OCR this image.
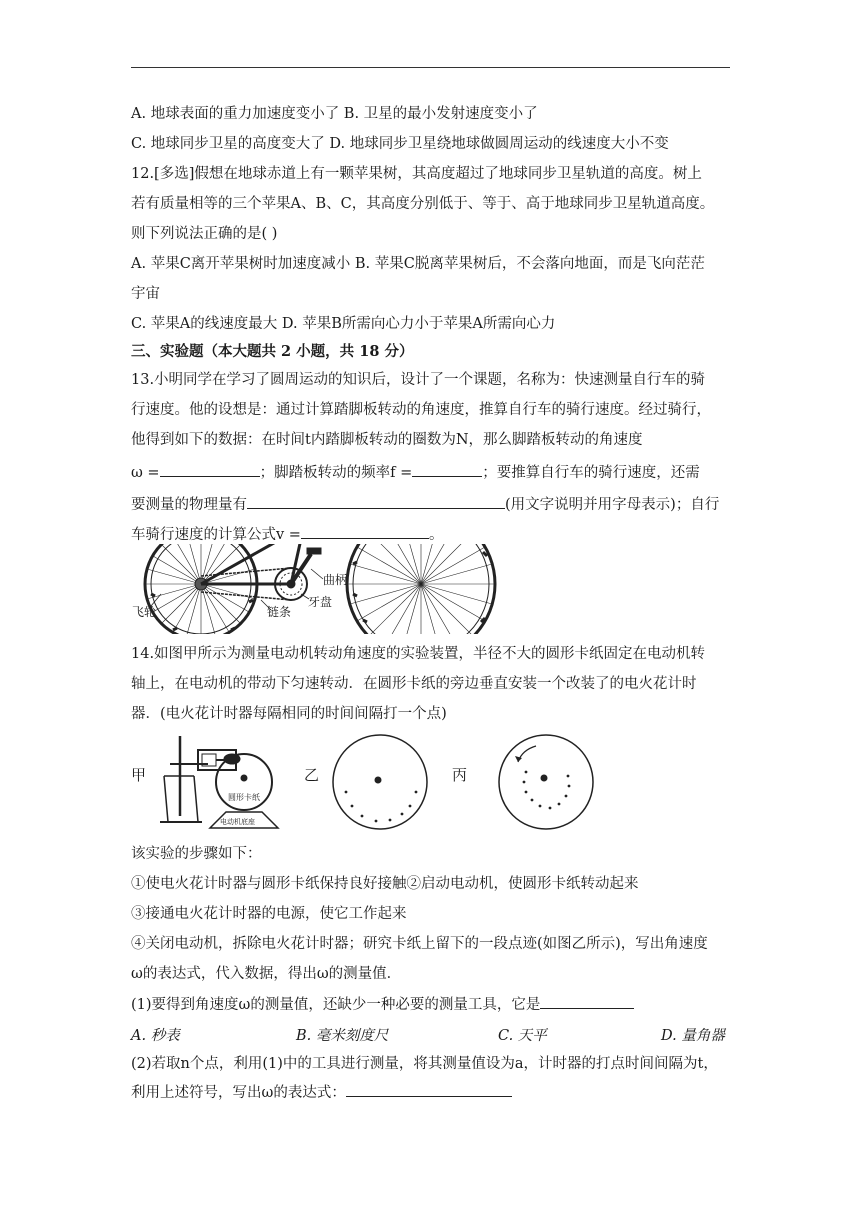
A. 地球表面的重力加速度变小了 B. 卫星的最小发射速度变小了
C. 地球同步卫星的高度变大了 D. 地球同步卫星绕地球做圆周运动的线速度大小不变
12.[多选]假想在地球赤道上有一颗苹果树，其高度超过了地球同步卫星轨道的高度。树上
若有质量相等的三个苹果A、B、C，其高度分别低于、等于、高于地球同步卫星轨道高度。
则下列说法正确的是( )
A. 苹果C离开苹果树时加速度减小 B. 苹果C脱离苹果树后，不会落向地面，而是飞向茫茫
宇宙
C. 苹果A的线速度最大 D. 苹果B所需向心力小于苹果A所需向心力
三、实验题（本大题共 2 小题，共 18 分）
13.小明同学在学习了圆周运动的知识后，设计了一个课题，名称为：快速测量自行车的骑
行速度。他的设想是：通过计算踏脚板转动的角速度，推算自行车的骑行速度。经过骑行，
他得到如下的数据：在时间t内踏脚板转动的圈数为N，那么脚踏板转动的角速度
ω =	；脚踏板转动的频率f =	；要推算自行车的骑行速度，还需
要测量的物理量有	(用文字说明并用字母表示)；自行
车骑行速度的计算公式v =	。
曲柄
牙盘
链条
飞轮
14.如图甲所示为测量电动机转动角速度的实验装置，半径不大的圆形卡纸固定在电动机转
轴上，在电动机的带动下匀速转动．在圆形卡纸的旁边垂直安装一个改装了的电火花计时
器．(电火花计时器每隔相同的时间间隔打一个点)
甲
圆形卡纸
电动机底座
乙	丙
该实验的步骤如下：
①使电火花计时器与圆形卡纸保持良好接触②启动电动机，使圆形卡纸转动起来
③接通电火花计时器的电源，使它工作起来
④关闭电动机，拆除电火花计时器；研究卡纸上留下的一段点迹(如图乙所示)，写出角速度
ω的表达式，代入数据，得出ω的测量值．
(1)要得到角速度ω的测量值，还缺少一种必要的测量工具，它是
A. 秒表	B. 毫米刻度尺	C. 天平	D. 量角器
(2)若取n个点，利用(1)中的工具进行测量，将其测量值设为a，计时器的打点时间间隔为t，
利用上述符号，写出ω的表达式：
